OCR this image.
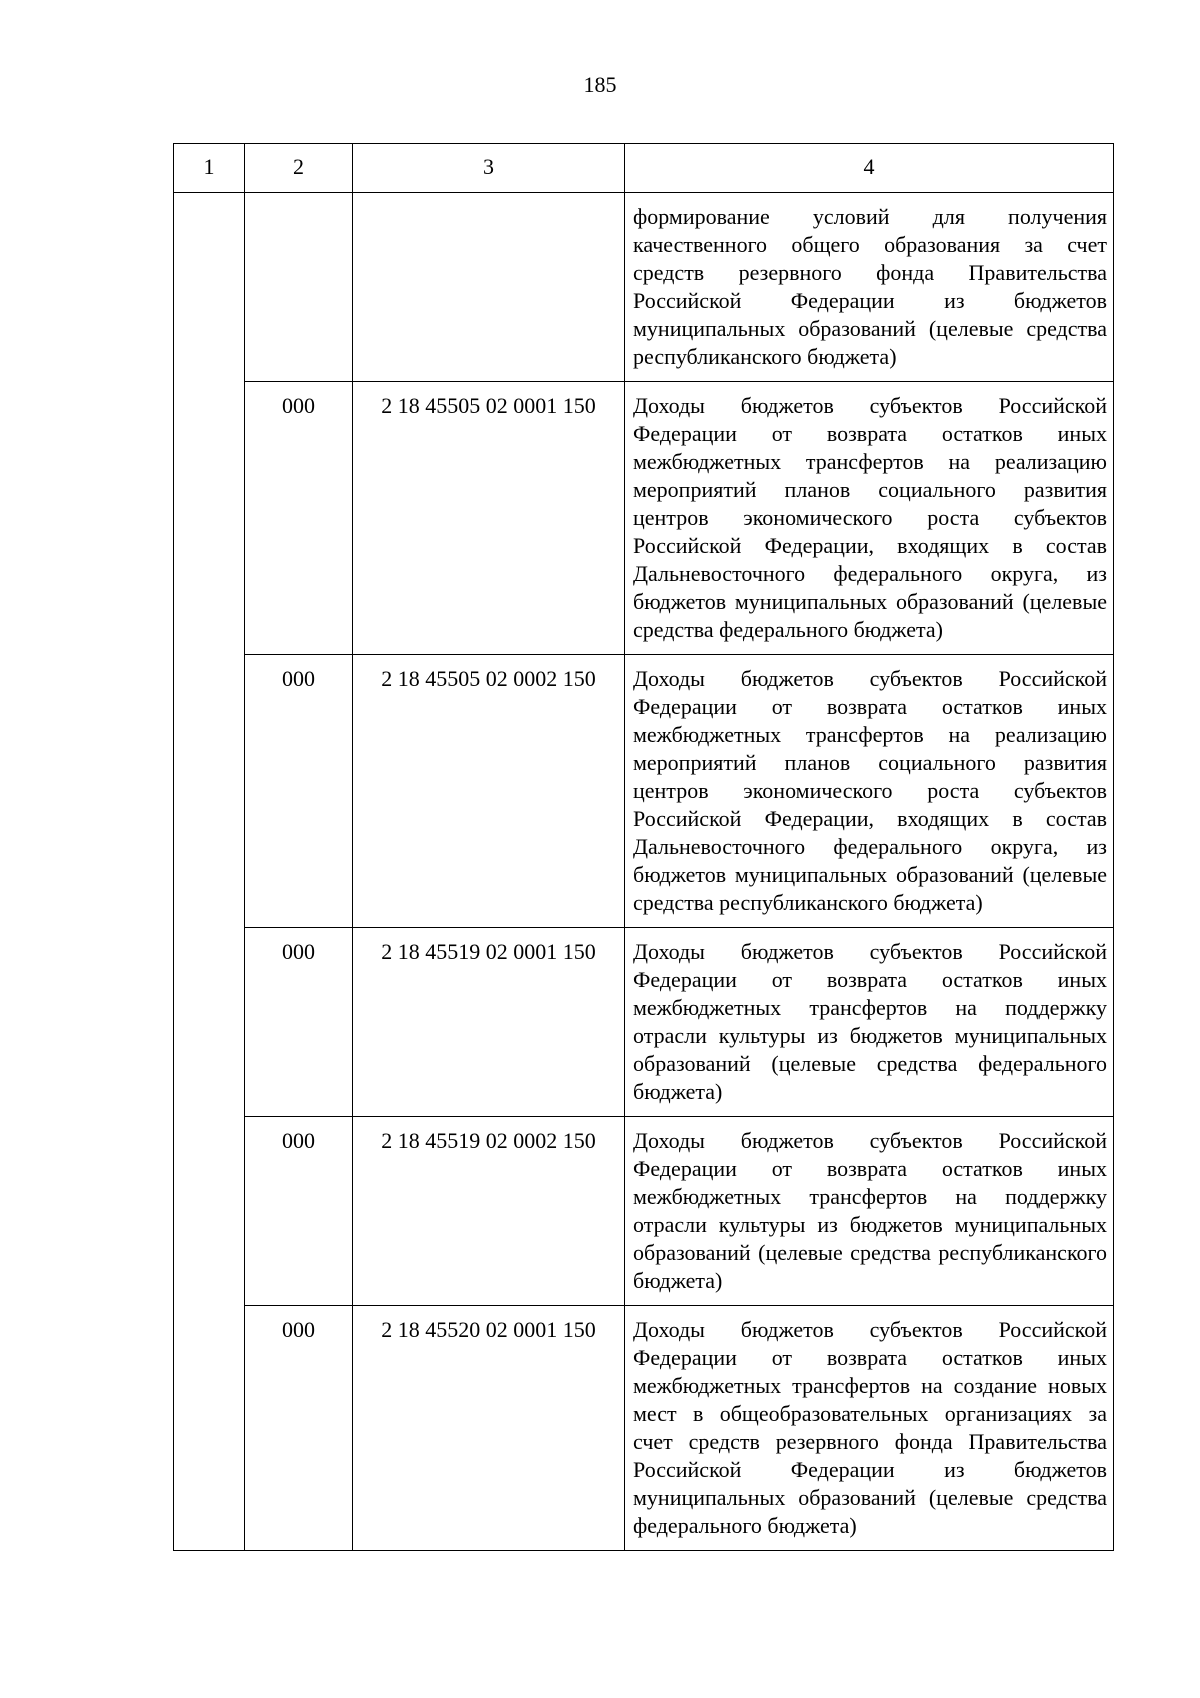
185
1	2	3	4
			формирование условий для получения качественного общего образования за счет средств резервного фонда Правительства Российской Федерации из бюджетов муниципальных образований (целевые средства республиканского бюджета)
	000	2 18 45505 02 0001 150	Доходы бюджетов субъектов Российской Федерации от возврата остатков иных межбюджетных трансфертов на реализацию мероприятий планов социального развития центров экономического роста субъектов Российской Федерации, входящих в состав Дальневосточного федерального округа, из бюджетов муниципальных образований (целевые средства федерального бюджета)
	000	2 18 45505 02 0002 150	Доходы бюджетов субъектов Российской Федерации от возврата остатков иных межбюджетных трансфертов на реализацию мероприятий планов социального развития центров экономического роста субъектов Российской Федерации, входящих в состав Дальневосточного федерального округа, из бюджетов муниципальных образований (целевые средства республиканского бюджета)
	000	2 18 45519 02 0001 150	Доходы бюджетов субъектов Российской Федерации от возврата остатков иных межбюджетных трансфертов на поддержку отрасли культуры из бюджетов муниципальных образований (целевые средства федерального бюджета)
	000	2 18 45519 02 0002 150	Доходы бюджетов субъектов Российской Федерации от возврата остатков иных межбюджетных трансфертов на поддержку отрасли культуры из бюджетов муниципальных образований (целевые средства республиканского бюджета)
	000	2 18 45520 02 0001 150	Доходы бюджетов субъектов Российской Федерации от возврата остатков иных межбюджетных трансфертов на создание новых мест в общеобразовательных организациях за счет средств резервного фонда Правительства Российской Федерации из бюджетов муниципальных образований (целевые средства федерального бюджета)
